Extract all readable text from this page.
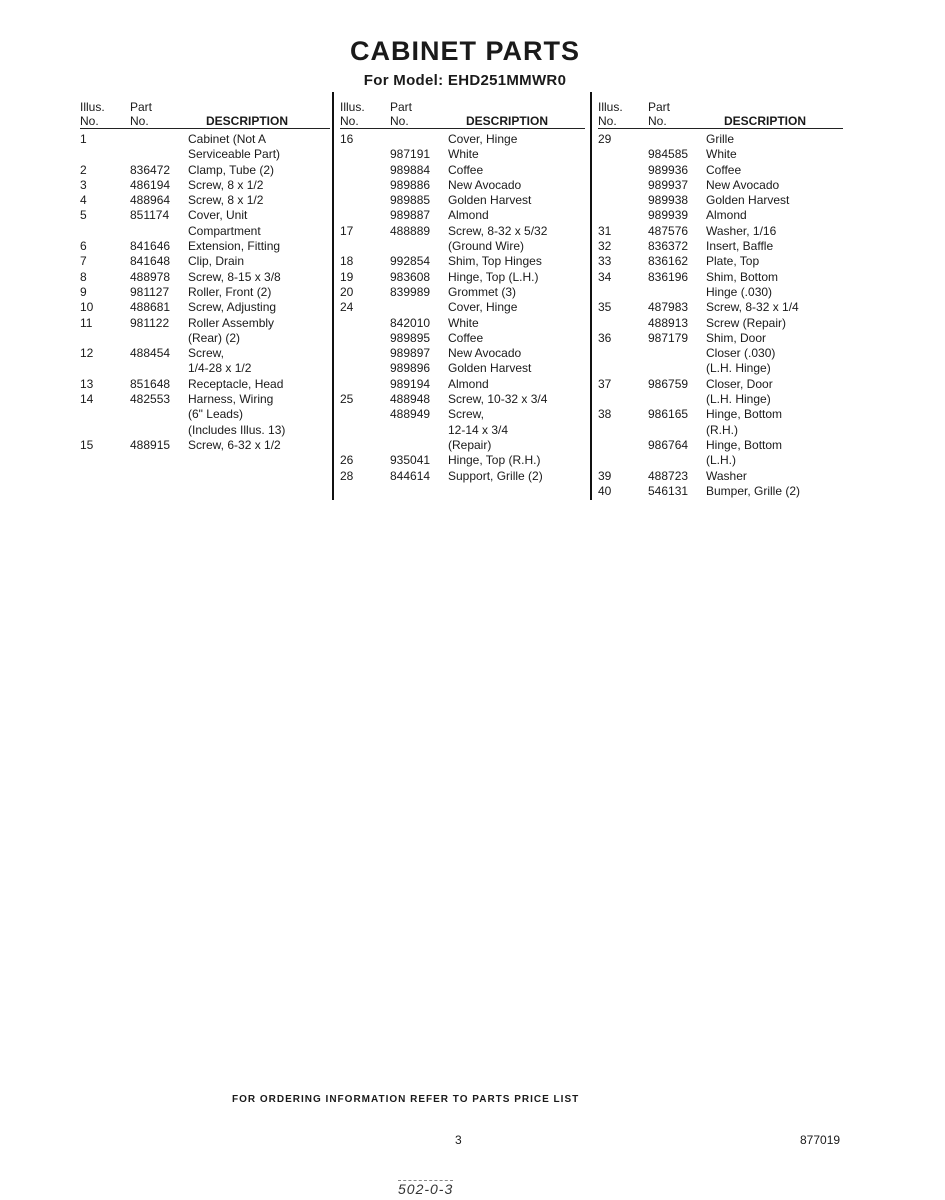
CABINET PARTS
For Model: EHD251MMWR0
Illus.
No.
Part
No.	DESCRIPTION
1	Cabinet (Not A
Serviceable Part)
2	836472	Clamp, Tube (2)
3	486194	Screw, 8 x 1/2
4	488964	Screw, 8 x 1/2
5	851174	Cover, Unit
Compartment
6	841646	Extension, Fitting
7	841648	Clip, Drain
8	488978	Screw, 8-15 x 3/8
9	981127	Roller, Front (2)
10	488681	Screw, Adjusting
11	981122	Roller Assembly
(Rear) (2)
12	488454	Screw,
1/4-28 x 1/2
13	851648	Receptacle, Head
14	482553	Harness, Wiring
(6" Leads)
(Includes Illus. 13)
15	488915	Screw, 6-32 x 1/2
Illus.
No.
Part
No.	DESCRIPTION
16	Cover, Hinge
987191	White
989884	Coffee
989886	New Avocado
989885	Golden Harvest
989887	Almond
17	488889	Screw, 8-32 x 5/32
(Ground Wire)
18	992854	Shim, Top Hinges
19	983608	Hinge, Top (L.H.)
20	839989	Grommet (3)
24	Cover, Hinge
842010	White
989895	Coffee
989897	New Avocado
989896	Golden Harvest
989194	Almond
25	488948	Screw, 10-32 x 3/4
488949	Screw,
12-14 x 3/4
(Repair)
26	935041	Hinge, Top (R.H.)
28	844614	Support, Grille (2)
Illus.
No.
Part
No.	DESCRIPTION
29	Grille
984585	White
989936	Coffee
989937	New Avocado
989938	Golden Harvest
989939	Almond
31	487576	Washer, 1/16
32	836372	Insert, Baffle
33	836162	Plate, Top
34	836196	Shim, Bottom
Hinge (.030)
35	487983	Screw, 8-32 x 1/4
488913	Screw (Repair)
36	987179	Shim, Door
Closer (.030)
(L.H. Hinge)
37	986759	Closer, Door
(L.H. Hinge)
38	986165	Hinge, Bottom
(R.H.)
986764	Hinge, Bottom
(L.H.)
39	488723	Washer
40	546131	Bumper, Grille (2)
FOR ORDERING INFORMATION REFER TO PARTS PRICE LIST
3	877019
502-0-3
